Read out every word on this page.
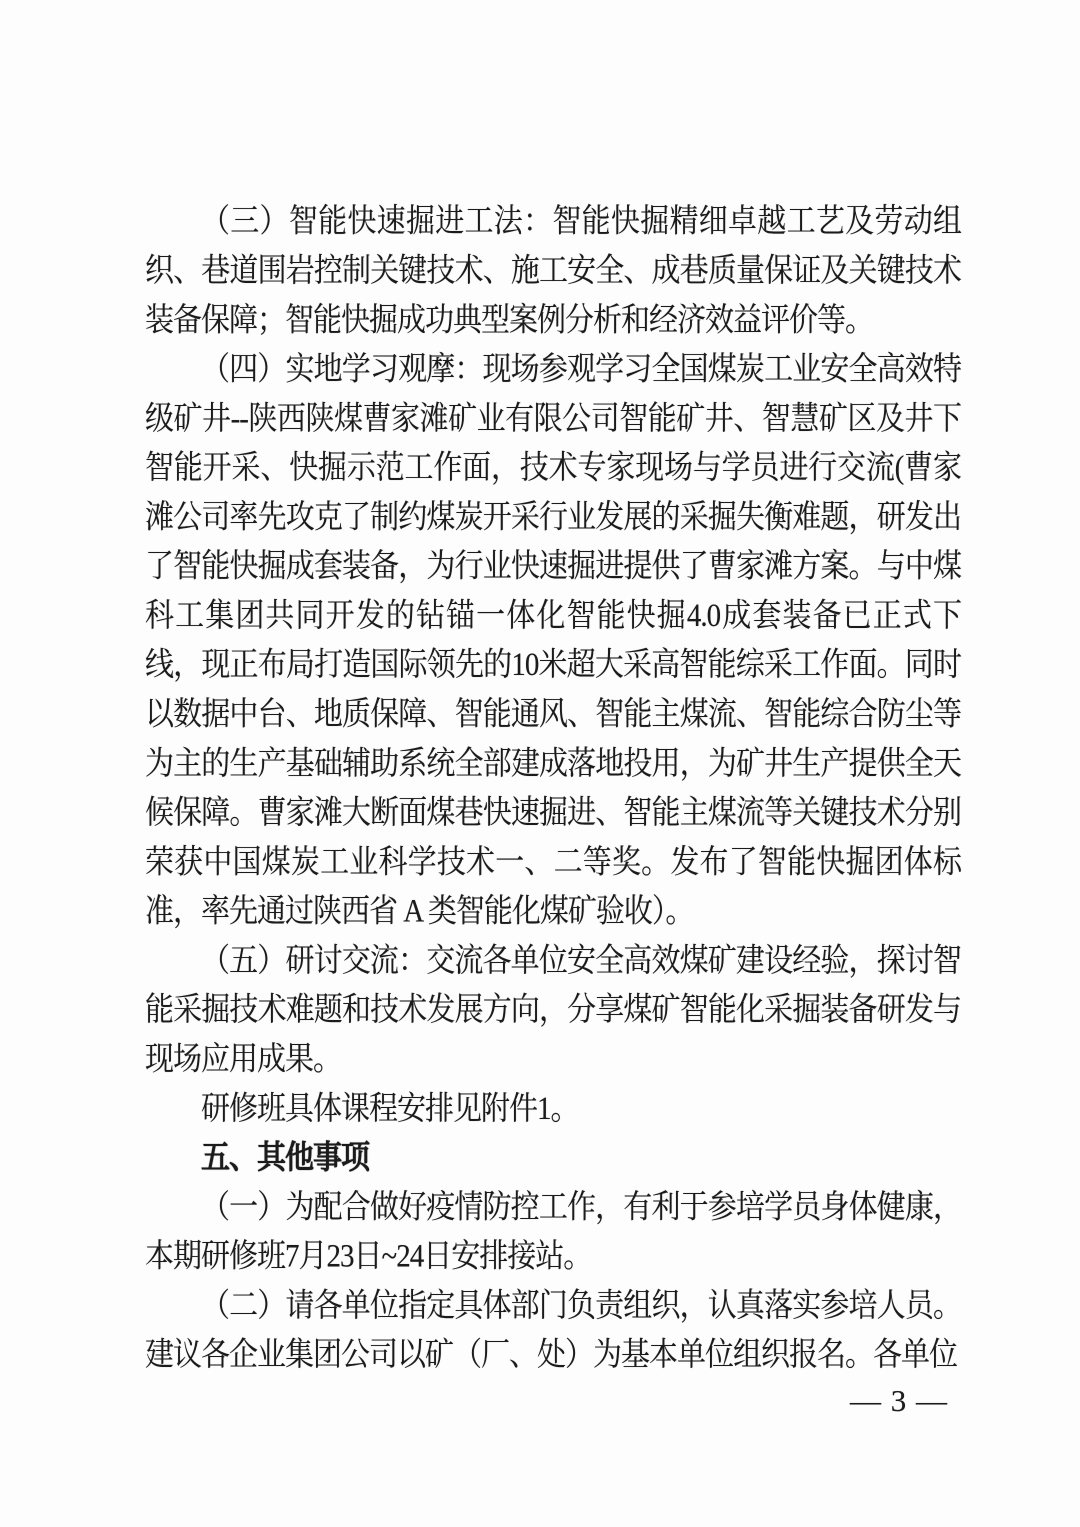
（三）智能快速掘进工法：智能快掘精细卓越工艺及劳动组织、巷道围岩控制关键技术、施工安全、成巷质量保证及关键技术装备保障；智能快掘成功典型案例分析和经济效益评价等。

（四）实地学习观摩：现场参观学习全国煤炭工业安全高效特级矿井--陕西陕煤曹家滩矿业有限公司智能矿井、智慧矿区及井下智能开采、快掘示范工作面，技术专家现场与学员进行交流(曹家滩公司率先攻克了制约煤炭开采行业发展的采掘失衡难题，研发出了智能快掘成套装备，为行业快速掘进提供了曹家滩方案。与中煤科工集团共同开发的钻锚一体化智能快掘4.0成套装备已正式下线，现正布局打造国际领先的10米超大采高智能综采工作面。同时以数据中台、地质保障、智能通风、智能主煤流、智能综合防尘等为主的生产基础辅助系统全部建成落地投用，为矿井生产提供全天候保障。曹家滩大断面煤巷快速掘进、智能主煤流等关键技术分别荣获中国煤炭工业科学技术一、二等奖。发布了智能快掘团体标准，率先通过陕西省 A 类智能化煤矿验收）。

（五）研讨交流：交流各单位安全高效煤矿建设经验，探讨智能采掘技术难题和技术发展方向，分享煤矿智能化采掘装备研发与现场应用成果。

研修班具体课程安排见附件1。

五、其他事项

（一）为配合做好疫情防控工作，有利于参培学员身体健康，本期研修班7月23日~24日安排接站。

（二）请各单位指定具体部门负责组织，认真落实参培人员。建议各企业集团公司以矿（厂、处）为基本单位组织报名。各单位

— 3 —
